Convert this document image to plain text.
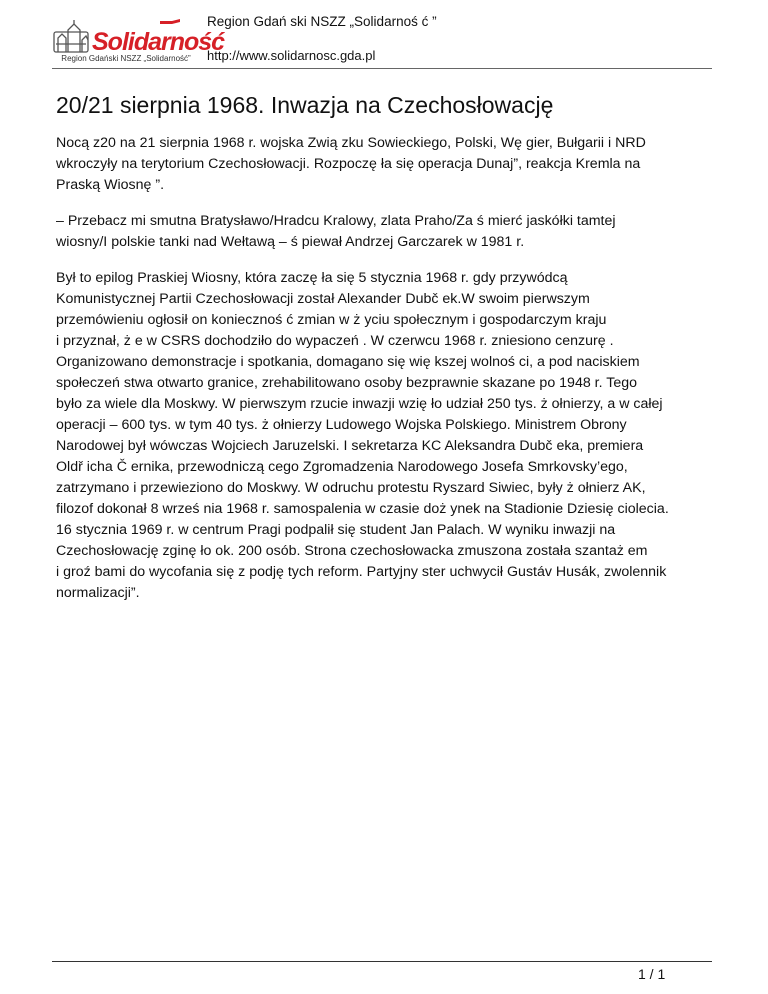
Solidarność
Region Gdański NSZZ „Solidarność”
Region Gdań ski NSZZ „Solidarnoś ć ”
http://www.solidarnosc.gda.pl
20/21 sierpnia 1968. Inwazja na Czechosłowację

Nocą z20 na 21 sierpnia 1968 r. wojska Zwią zku Sowieckiego, Polski, Wę gier, Bułgarii i NRD
wkroczyły na terytorium Czechosłowacji. Rozpoczę ła się operacja Dunaj”, reakcja Kremla na
Praską Wiosnę ”.

– Przebacz mi smutna Bratysławo/Hradcu Kralowy, zlata Praho/Za ś mierć jaskółki tamtej
wiosny/I polskie tanki nad Wełtawą – ś piewał Andrzej Garczarek w 1981 r.

Był to epilog Praskiej Wiosny, która zaczę ła się 5 stycznia 1968 r. gdy przywódcą
Komunistycznej Partii Czechosłowacji został Alexander Dubč ek.W swoim pierwszym
przemówieniu ogłosił on koniecznoś ć zmian w ż yciu społecznym i gospodarczym kraju
i przyznał, ż e w CSRS dochodziło do wypaczeń . W czerwcu 1968 r. zniesiono cenzurę .
Organizowano demonstracje i spotkania, domagano się wię kszej wolnoś ci, a pod naciskiem
społeczeń stwa otwarto granice, zrehabilitowano osoby bezprawnie skazane po 1948 r. Tego
było za wiele dla Moskwy. W pierwszym rzucie inwazji wzię ło udział 250 tys. ż ołnierzy, a w całej
operacji – 600 tys. w tym 40 tys. ż ołnierzy Ludowego Wojska Polskiego. Ministrem Obrony
Narodowej był wówczas Wojciech Jaruzelski. I sekretarza KC Aleksandra Dubč eka, premiera
Oldř icha Č ernika, przewodniczą cego Zgromadzenia Narodowego Josefa Smrkovsky’ego,
zatrzymano i przewieziono do Moskwy. W odruchu protestu Ryszard Siwiec, były ż ołnierz AK,
filozof dokonał 8 wrześ nia 1968 r. samospalenia w czasie doż ynek na Stadionie Dziesię ciolecia.
16 stycznia 1969 r. w centrum Pragi podpalił się student Jan Palach. W wyniku inwazji na
Czechosłowację zginę ło ok. 200 osób. Strona czechosłowacka zmuszona została szantaż em
i groź bami do wycofania się z podję tych reform. Partyjny ster uchwycił Gustáv Husák, zwolennik
normalizacji”.

1 / 1
